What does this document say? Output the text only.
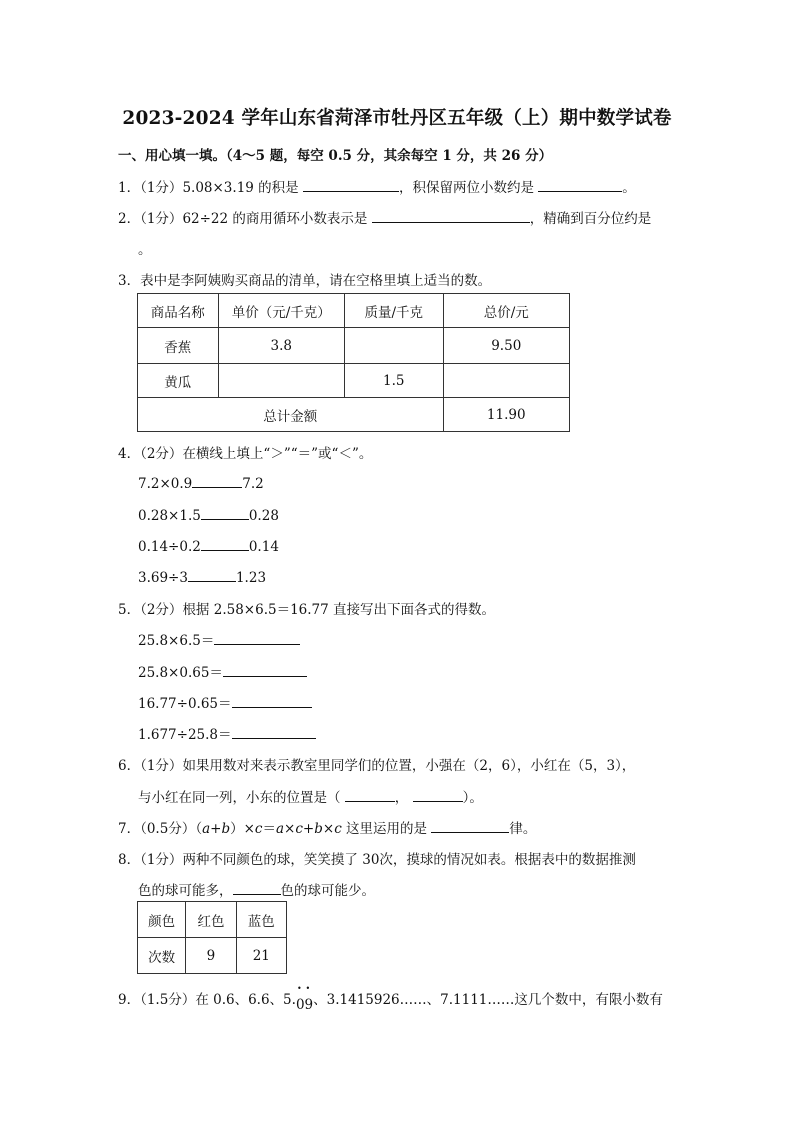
2023-2024 学年山东省菏泽市牡丹区五年级（上）期中数学试卷
一、用心填一填。（4～5 题，每空 0.5 分，其余每空 1 分，共 26 分）
1．（1分）5.08×3.19 的积是	，积保留两位小数约是	。
2．（1分）62÷22 的商用循环小数表示是	，精确到百分位约是
。
3．表中是李阿姨购买商品的清单，请在空格里填上适当的数。
商品名称	单价（元/千克）	质量/千克	总价/元
香蕉	3.8		9.50
黄瓜		1.5	
总计金额			11.90
4．（2分）在横线上填上“＞”“＝”或“＜”。
7.2×0.9	7.2
0.28×1.5	0.28
0.14÷0.2	0.14
3.69÷3	1.23
5．（2分）根据 2.58×6.5＝16.77 直接写出下面各式的得数。
25.8×6.5＝
25.8×0.65＝
16.77÷0.65＝
1.677÷25.8＝
6．（1分）如果用数对来表示教室里同学们的位置，小强在（2，6），小红在（5，3），
与小红在同一列，小东的位置是（	，	）。
7．（0.5分）（a+b）×c＝a×c+b×c 这里运用的是	律。
8．（1分）两种不同颜色的球，笑笑摸了 30次，摸球的情况如表。根据表中的数据推测
色的球可能多，	色的球可能少。
颜色	红色	蓝色
次数	9	21
9．（1.5分）在 0.6、6.6、5.• 0• 9、3.1415926……、7.1111……这几个数中，有限小数有
